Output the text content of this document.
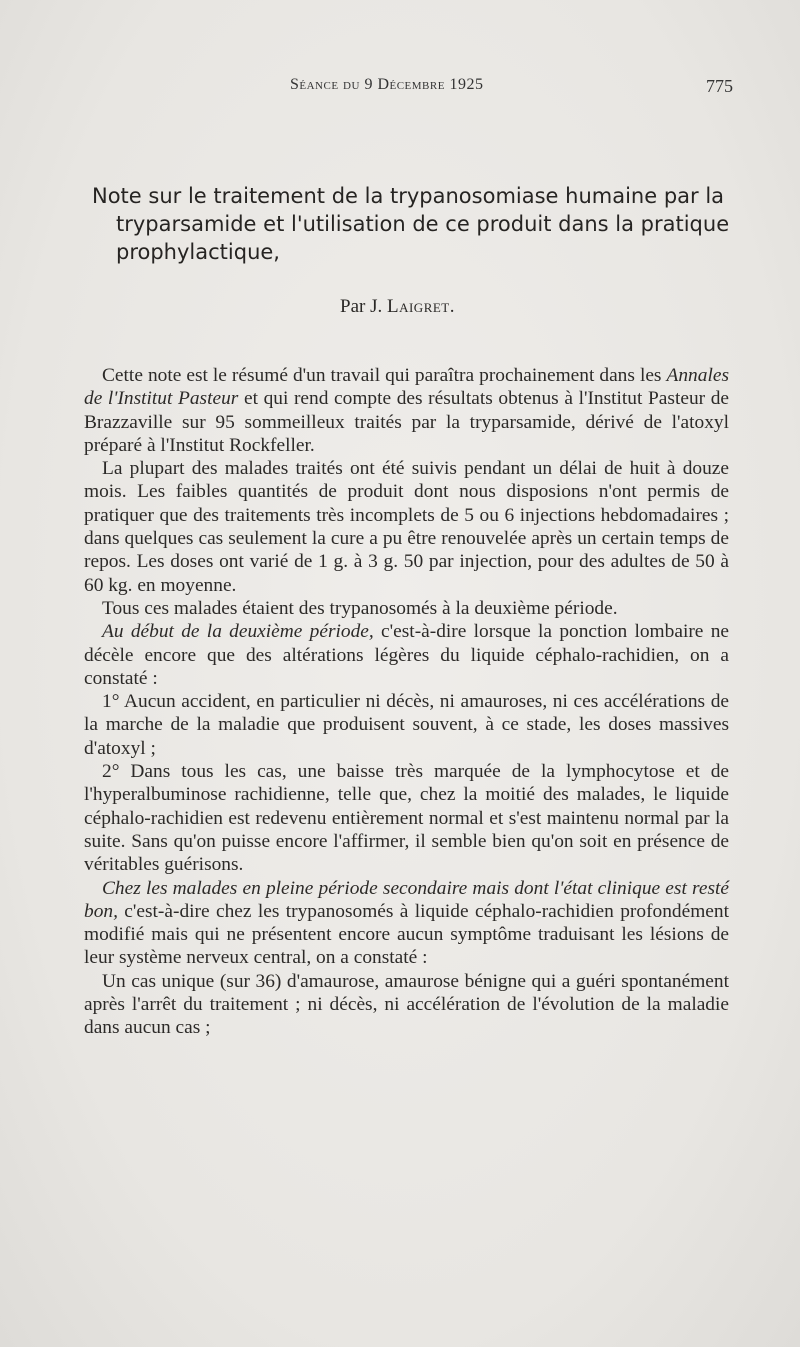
Séance du 9 Décembre 1925	775
Note sur le traitement de la trypanosomiase humaine par la
tryparsamide et l'utilisation de ce produit dans la pratique prophylactique,
Par J. Laigret.

Cette note est le résumé d'un travail qui paraîtra prochainement dans les Annales de l'Institut Pasteur et qui rend compte des résultats obtenus à l'Institut Pasteur de Brazzaville sur 95 sommeilleux traités par la tryparsamide, dérivé de l'atoxyl préparé à l'Institut Rockfeller.

La plupart des malades traités ont été suivis pendant un délai de huit à douze mois. Les faibles quantités de produit dont nous disposions n'ont permis de pratiquer que des traitements très incomplets de 5 ou 6 injections hebdomadaires ; dans quelques cas seulement la cure a pu être renouvelée après un certain temps de repos. Les doses ont varié de 1 g. à 3 g. 50 par injection, pour des adultes de 50 à 60 kg. en moyenne.

Tous ces malades étaient des trypanosomés à la deuxième période.

Au début de la deuxième période, c'est-à-dire lorsque la ponction lombaire ne décèle encore que des altérations légères du liquide céphalo-rachidien, on a constaté :

1° Aucun accident, en particulier ni décès, ni amauroses, ni ces accélérations de la marche de la maladie que produisent souvent, à ce stade, les doses massives d'atoxyl ;

2° Dans tous les cas, une baisse très marquée de la lymphocytose et de l'hyperalbuminose rachidienne, telle que, chez la moitié des malades, le liquide céphalo-rachidien est redevenu entièrement normal et s'est maintenu normal par la suite. Sans qu'on puisse encore l'affirmer, il semble bien qu'on soit en présence de véritables guérisons.

Chez les malades en pleine période secondaire mais dont l'état clinique est resté bon, c'est-à-dire chez les trypanosomés à liquide céphalo-rachidien profondément modifié mais qui ne présentent encore aucun symptôme traduisant les lésions de leur système nerveux central, on a constaté :

Un cas unique (sur 36) d'amaurose, amaurose bénigne qui a guéri spontanément après l'arrêt du traitement ; ni décès, ni accélération de l'évolution de la maladie dans aucun cas ;
